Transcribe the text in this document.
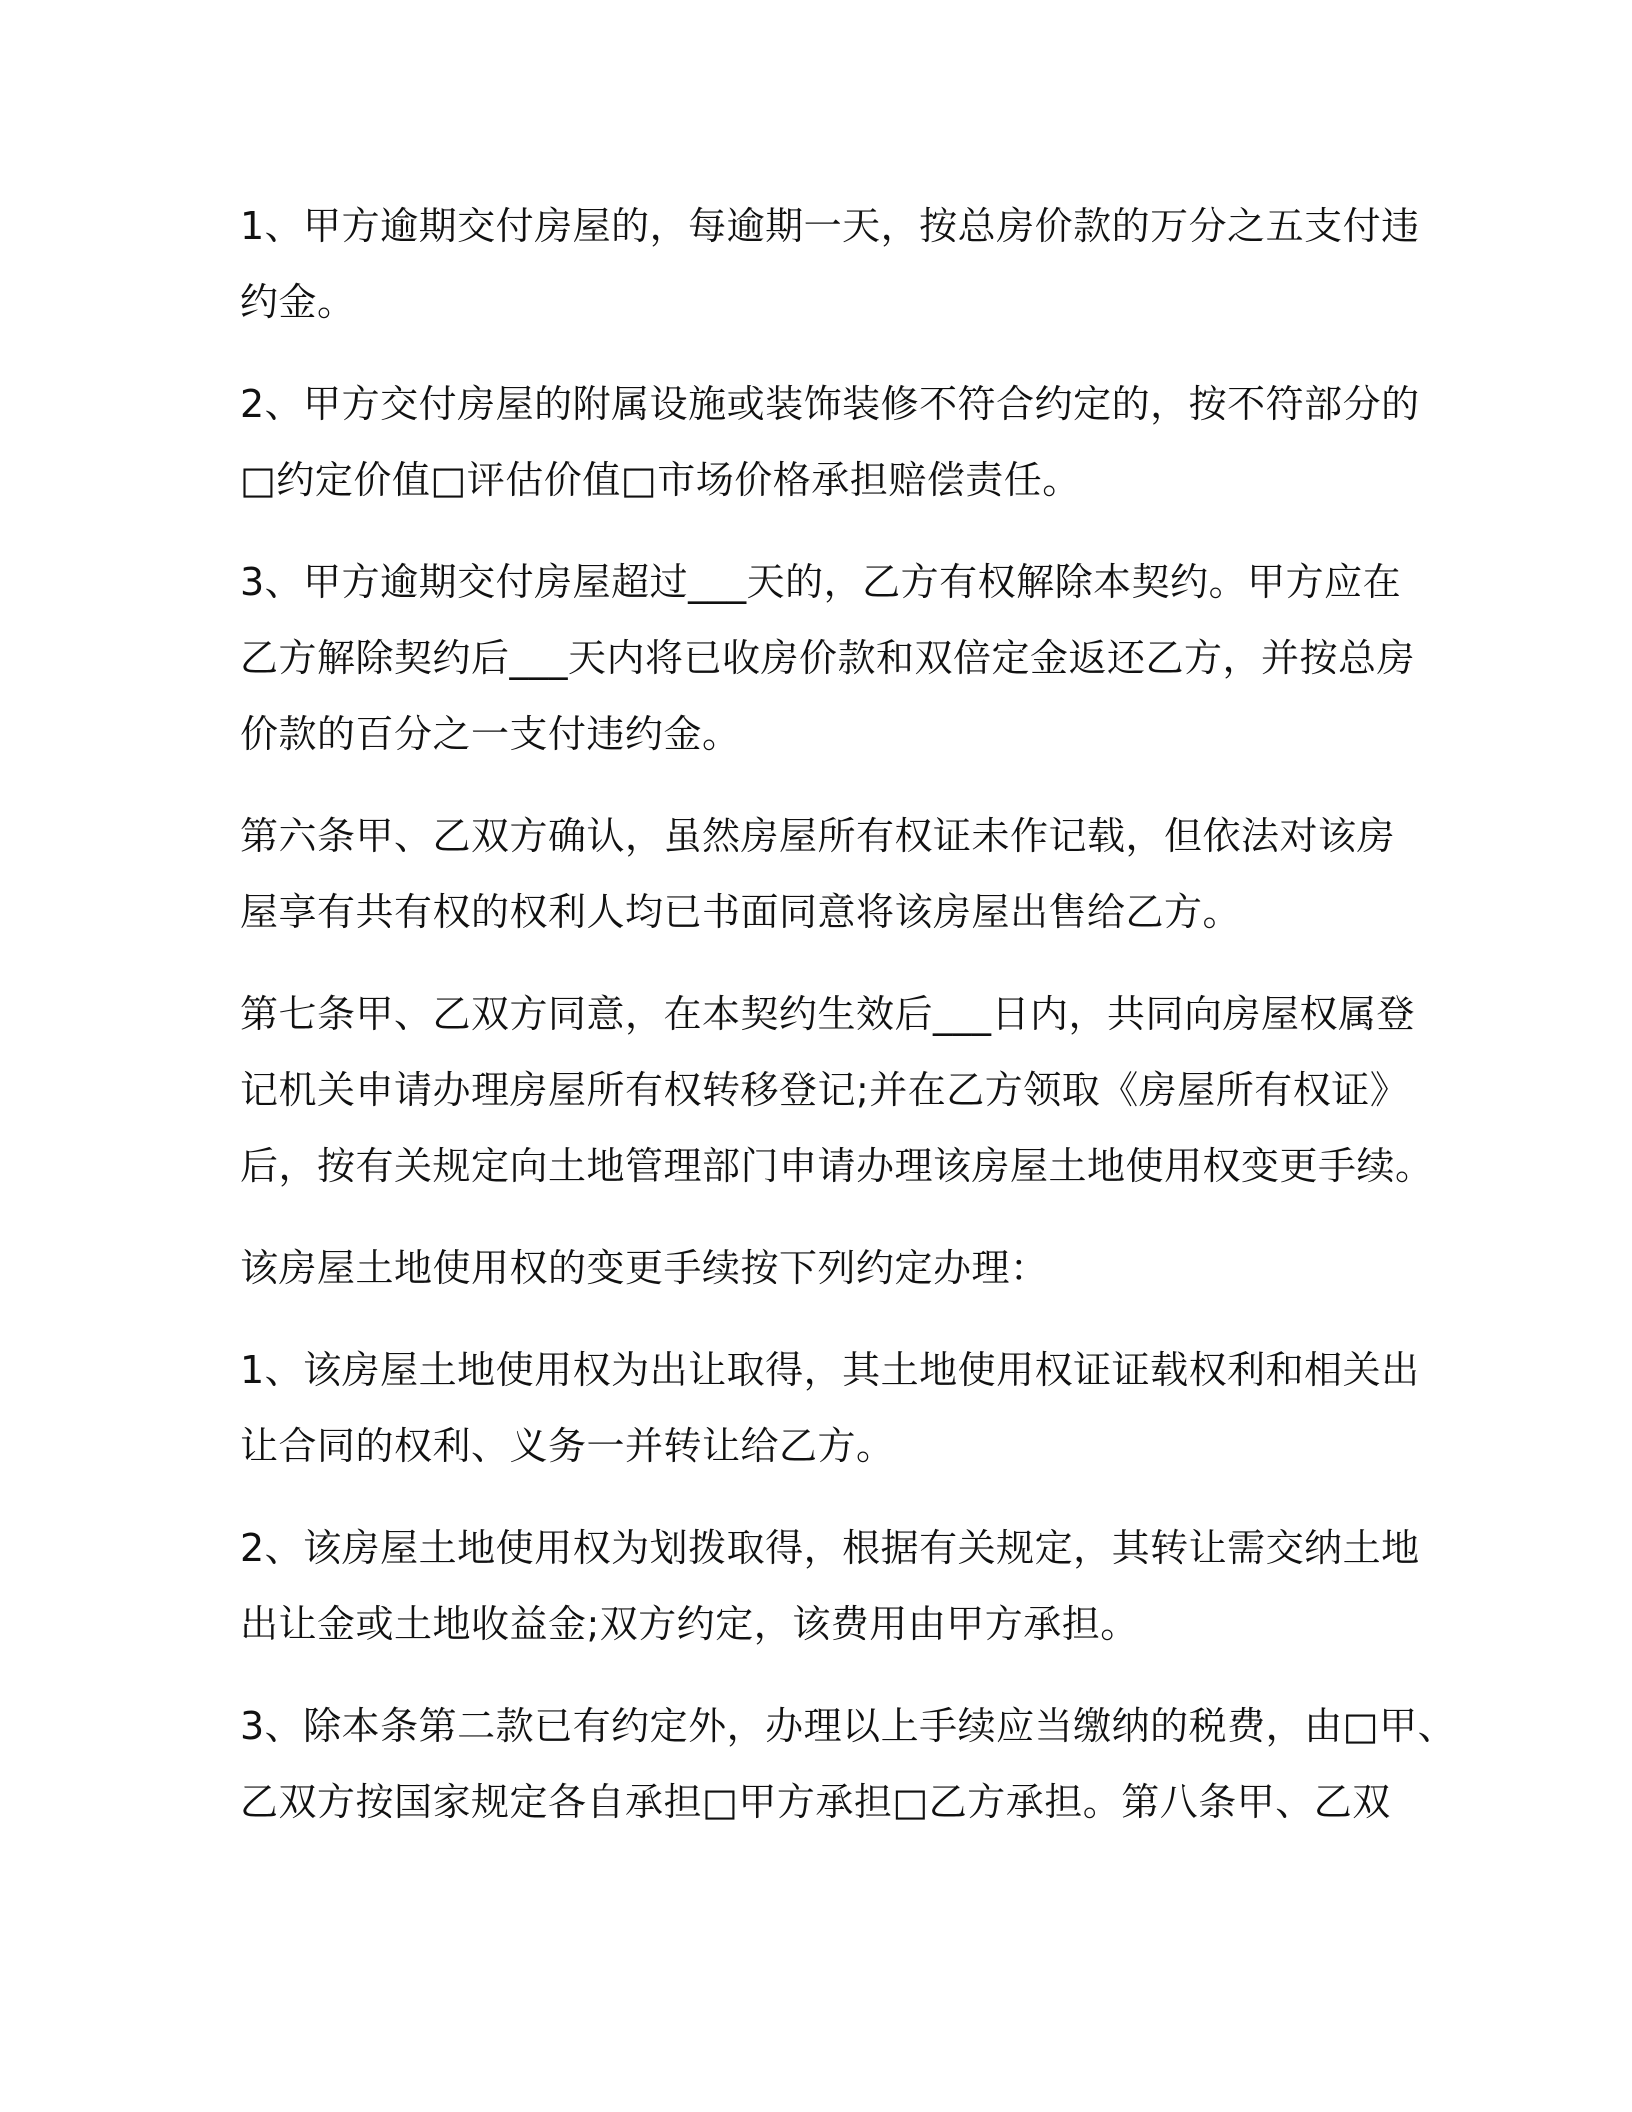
1、甲方逾期交付房屋的，每逾期一天，按总房价款的万分之五支付违
约金。

2、甲方交付房屋的附属设施或装饰装修不符合约定的，按不符部分的
□约定价值□评估价值□市场价格承担赔偿责任。

3、甲方逾期交付房屋超过___天的，乙方有权解除本契约。甲方应在
乙方解除契约后___天内将已收房价款和双倍定金返还乙方，并按总房
价款的百分之一支付违约金。

第六条甲、乙双方确认，虽然房屋所有权证未作记载，但依法对该房
屋享有共有权的权利人均已书面同意将该房屋出售给乙方。

第七条甲、乙双方同意，在本契约生效后___日内，共同向房屋权属登
记机关申请办理房屋所有权转移登记;并在乙方领取《房屋所有权证》
后，按有关规定向土地管理部门申请办理该房屋土地使用权变更手续。

该房屋土地使用权的变更手续按下列约定办理：

1、该房屋土地使用权为出让取得，其土地使用权证证载权利和相关出
让合同的权利、义务一并转让给乙方。

2、该房屋土地使用权为划拨取得，根据有关规定，其转让需交纳土地
出让金或土地收益金;双方约定，该费用由甲方承担。

3、除本条第二款已有约定外，办理以上手续应当缴纳的税费，由□甲、
乙双方按国家规定各自承担□甲方承担□乙方承担。第八条甲、乙双
